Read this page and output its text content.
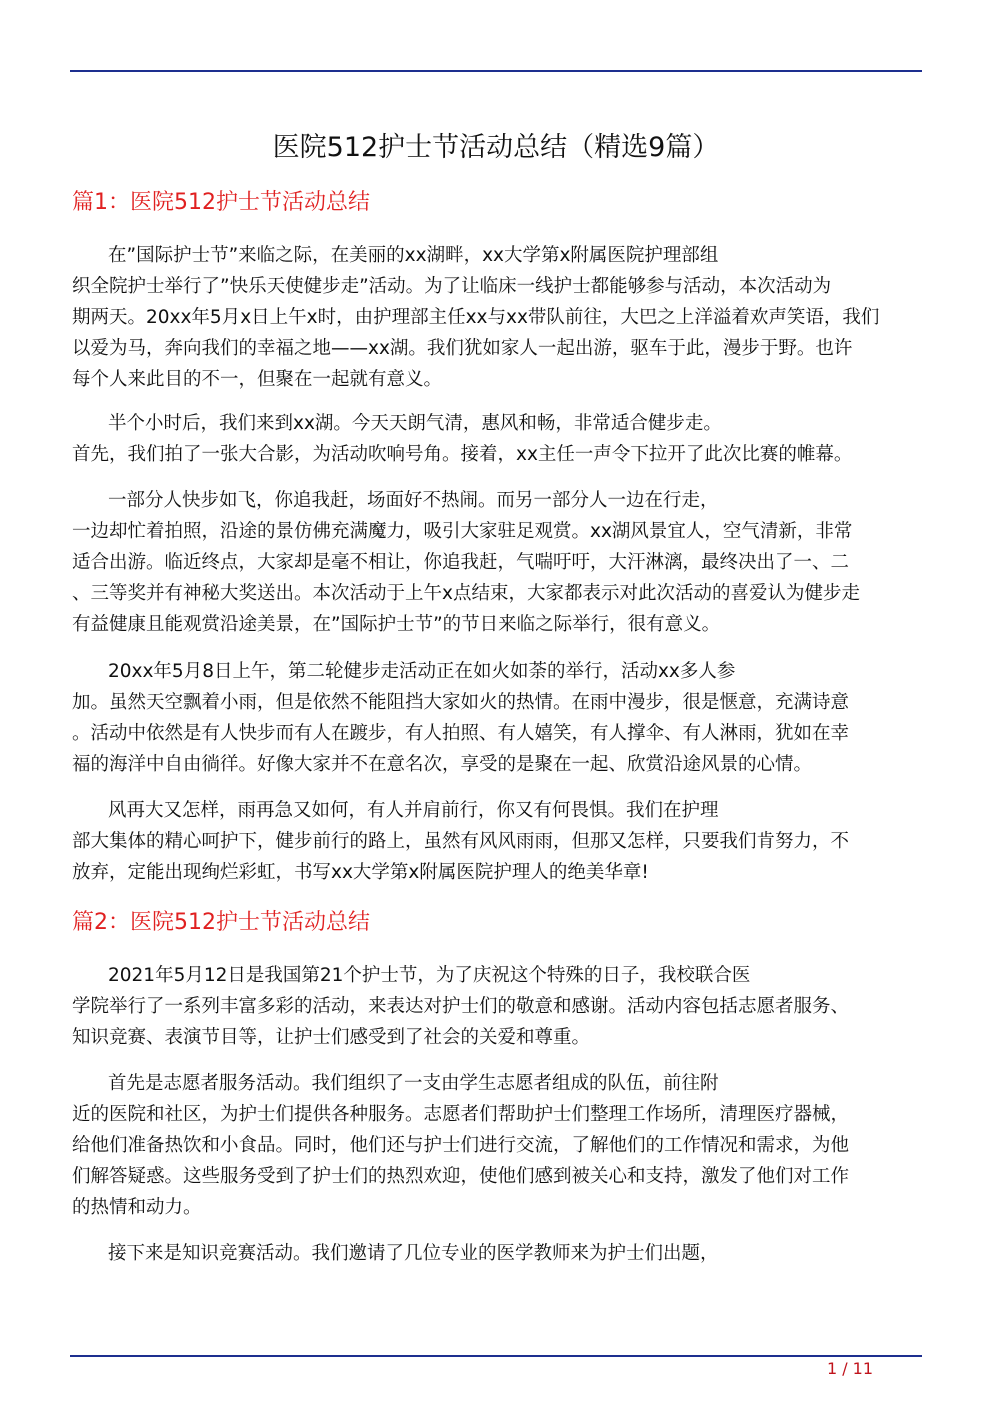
医院512护士节活动总结（精选9篇）
篇1：医院512护士节活动总结
在”国际护士节”来临之际，在美丽的xx湖畔，xx大学第x附属医院护理部组
织全院护士举行了”快乐天使健步走”活动。为了让临床一线护士都能够参与活动，本次活动为
期两天。20xx年5月x日上午x时，由护理部主任xx与xx带队前往，大巴之上洋溢着欢声笑语，我们
以爱为马，奔向我们的幸福之地——xx湖。我们犹如家人一起出游，驱车于此，漫步于野。也许
每个人来此目的不一，但聚在一起就有意义。
半个小时后，我们来到xx湖。今天天朗气清，惠风和畅，非常适合健步走。
首先，我们拍了一张大合影，为活动吹响号角。接着，xx主任一声令下拉开了此次比赛的帷幕。
一部分人快步如飞，你追我赶，场面好不热闹。而另一部分人一边在行走，
一边却忙着拍照，沿途的景仿佛充满魔力，吸引大家驻足观赏。xx湖风景宜人，空气清新，非常
适合出游。临近终点，大家却是毫不相让，你追我赶，气喘吁吁，大汗淋漓，最终决出了一、二
、三等奖并有神秘大奖送出。本次活动于上午x点结束，大家都表示对此次活动的喜爱认为健步走
有益健康且能观赏沿途美景，在”国际护士节”的节日来临之际举行，很有意义。
20xx年5月8日上午，第二轮健步走活动正在如火如荼的举行，活动xx多人参
加。虽然天空飘着小雨，但是依然不能阻挡大家如火的热情。在雨中漫步，很是惬意，充满诗意
。活动中依然是有人快步而有人在踱步，有人拍照、有人嬉笑，有人撑伞、有人淋雨，犹如在幸
福的海洋中自由徜徉。好像大家并不在意名次，享受的是聚在一起、欣赏沿途风景的心情。
风再大又怎样，雨再急又如何，有人并肩前行，你又有何畏惧。我们在护理
部大集体的精心呵护下，健步前行的路上，虽然有风风雨雨，但那又怎样，只要我们肯努力，不
放弃，定能出现绚烂彩虹，书写xx大学第x附属医院护理人的绝美华章!
篇2：医院512护士节活动总结
2021年5月12日是我国第21个护士节，为了庆祝这个特殊的日子，我校联合医
学院举行了一系列丰富多彩的活动，来表达对护士们的敬意和感谢。活动内容包括志愿者服务、
知识竞赛、表演节目等，让护士们感受到了社会的关爱和尊重。
首先是志愿者服务活动。我们组织了一支由学生志愿者组成的队伍，前往附
近的医院和社区，为护士们提供各种服务。志愿者们帮助护士们整理工作场所，清理医疗器械，
给他们准备热饮和小食品。同时，他们还与护士们进行交流，了解他们的工作情况和需求，为他
们解答疑惑。这些服务受到了护士们的热烈欢迎，使他们感到被关心和支持，激发了他们对工作
的热情和动力。
接下来是知识竞赛活动。我们邀请了几位专业的医学教师来为护士们出题，
1 / 11
